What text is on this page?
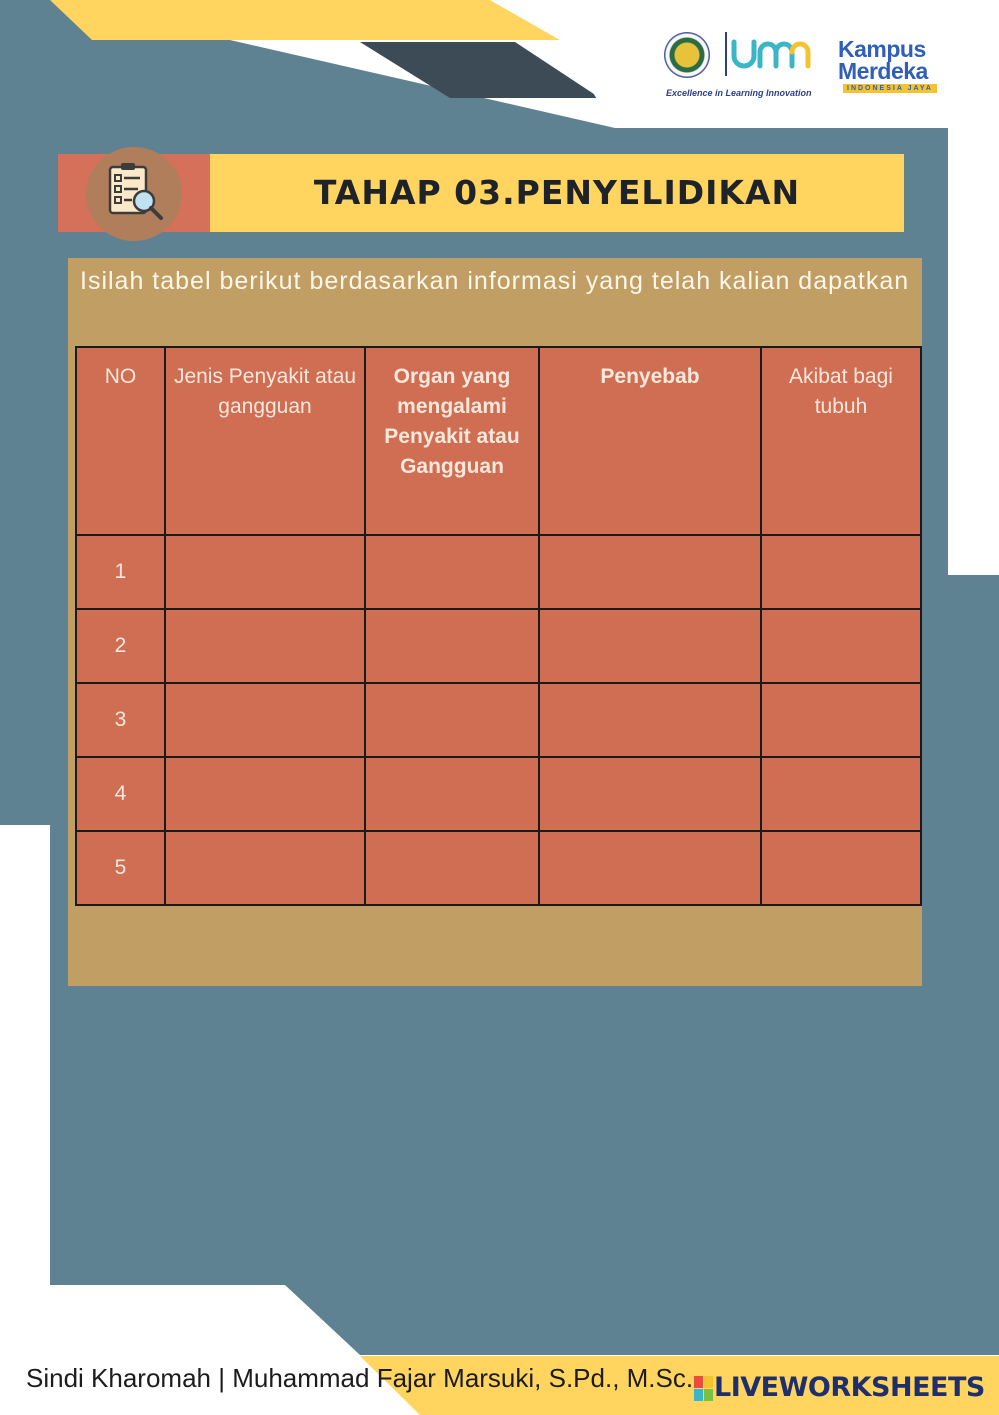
Excellence in Learning Innovation
Kampus
Merdeka
INDONESIA JAYA
TAHAP 03.PENYELIDIKAN
Isilah tabel berikut berdasarkan informasi yang telah kalian dapatkan
NO	Jenis Penyakit atau gangguan	Organ yang mengalami Penyakit atau Gangguan	Penyebab	Akibat bagi tubuh
1				
2				
3				
4				
5				
Sindi Kharomah | Muhammad Fajar Marsuki, S.Pd., M.Sc. LIVEWORKSHEETS
